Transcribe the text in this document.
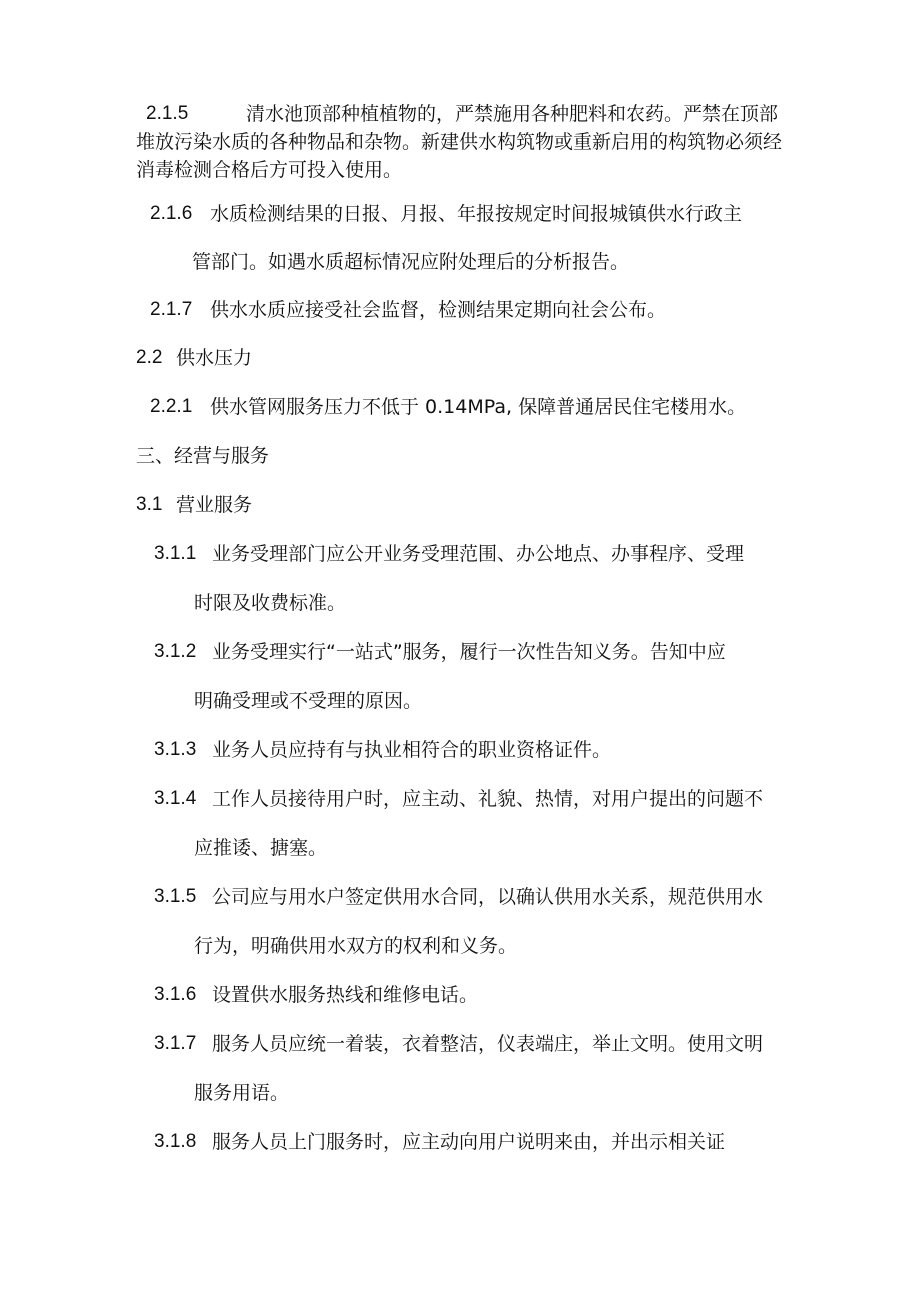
2.1.5	清水池顶部种植植物的，严禁施用各种肥料和农药。严禁在顶部堆放污染水质的各种物品和杂物。新建供水构筑物或重新启用的构筑物必须经消毒检测合格后方可投入使用。
2.1.6 水质检测结果的日报、月报、年报按规定时间报城镇供水行政主
管部门。如遇水质超标情况应附处理后的分析报告。
2.1.7 供水水质应接受社会监督，检测结果定期向社会公布。
2.2 供水压力
2.2.1 供水管网服务压力不低于 0.14MPa, 保障普通居民住宅楼用水。
三、经营与服务
3.1 营业服务
3.1.1 业务受理部门应公开业务受理范围、办公地点、办事程序、受理
时限及收费标准。
3.1.2 业务受理实行“一站式”服务，履行一次性告知义务。告知中应
明确受理或不受理的原因。
3.1.3 业务人员应持有与执业相符合的职业资格证件。
3.1.4 工作人员接待用户时，应主动、礼貌、热情，对用户提出的问题不
应推诿、搪塞。
3.1.5 公司应与用水户签定供用水合同，以确认供用水关系，规范供用水
行为，明确供用水双方的权利和义务。
3.1.6 设置供水服务热线和维修电话。
3.1.7 服务人员应统一着装，衣着整洁，仪表端庄，举止文明。使用文明
服务用语。
3.1.8 服务人员上门服务时，应主动向用户说明来由，并出示相关证
